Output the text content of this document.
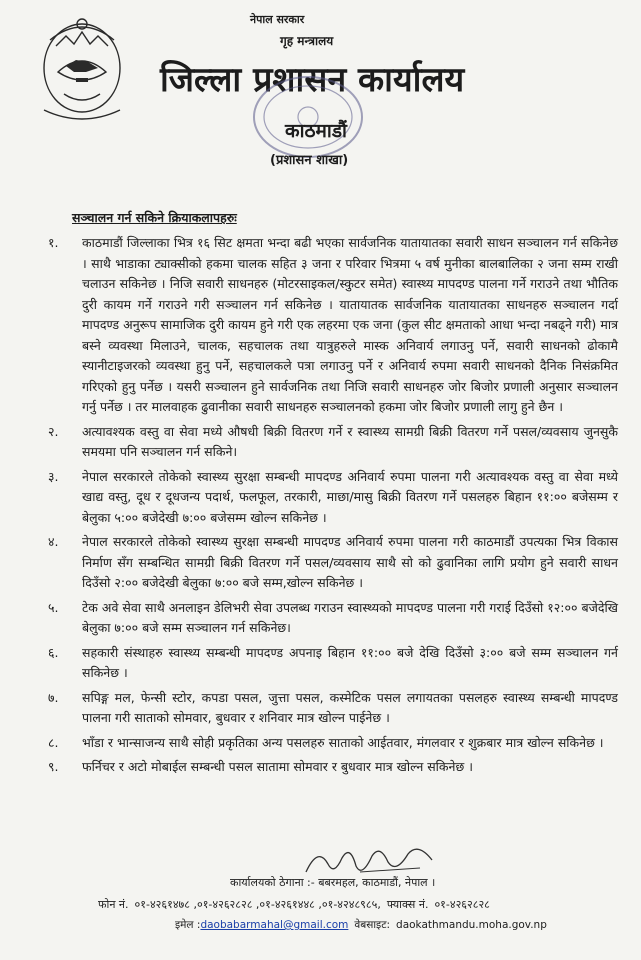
नेपाल सरकार
गृह मन्त्रालय
जिल्ला प्रशासन कार्यालय
काठमाडौं
(प्रशासन शाखा)
सञ्चालन गर्न सकिने क्रियाकलापहरुः
१.	काठमाडौं जिल्लाका भित्र १६ सिट क्षमता भन्दा बढी भएका सार्वजनिक यातायातका सवारी साधन सञ्चालन गर्न सकिनेछ । साथै भाडाका ट्याक्सीको हकमा चालक सहित ३ जना र परिवार भित्रमा ५ वर्ष मुनीका बालबालिका २ जना सम्म राखी चलाउन सकिनेछ । निजि सवारी साधनहरु (मोटरसाइकल/स्कुटर समेत) स्वास्थ्य मापदण्ड पालना गर्ने गराउने तथा भौतिक दुरी कायम गर्ने गराउने गरी सञ्चालन गर्न सकिनेछ । यातायातक सार्वजनिक यातायातका साधनहरु सञ्चालन गर्दा मापदण्ड अनुरूप सामाजिक दुरी कायम हुने गरी एक लहरमा एक जना (कुल सीट क्षमताको आधा भन्दा नबढ्ने गरी) मात्र बस्ने व्यवस्था मिलाउने, चालक, सहचालक तथा यात्रुहरुले मास्क अनिवार्य लगाउनु पर्ने, सवारी साधनको ढोकामै स्यानीटाइजरको व्यवस्था हुनु पर्ने, सहचालकले पत्रा लगाउनु पर्ने र अनिवार्य रुपमा सवारी साधनको दैनिक निसंक्रमित गरिएको हुनु पर्नेछ । यसरी सञ्चालन हुने सार्वजनिक तथा निजि सवारी साधनहरु जोर बिजोर प्रणाली अनुसार सञ्चालन गर्नु पर्नेछ । तर मालवाहक ढुवानीका सवारी साधनहरु सञ्चालनको हकमा जोर बिजोर प्रणाली लागु हुने छैन ।
२.	अत्यावश्यक वस्तु वा सेवा मध्ये औषधी बिक्री वितरण गर्ने र स्वास्थ्य सामग्री बिक्री वितरण गर्ने पसल/व्यवसाय जुनसुकै समयमा पनि सञ्चालन गर्न सकिने।
३.	नेपाल सरकारले तोकेको स्वास्थ्य सुरक्षा सम्बन्धी मापदण्ड अनिवार्य रुपमा पालना गरी अत्यावश्यक वस्तु वा सेवा मध्ये खाद्य वस्तु, दूध र दूधजन्य पदार्थ, फलफूल, तरकारी, माछा/मासु बिक्री वितरण गर्ने पसलहरु बिहान ११:०० बजेसम्म र बेलुका ५:०० बजेदेखी ७:०० बजेसम्म खोल्न सकिनेछ ।
४.	नेपाल सरकारले तोकेको स्वास्थ्य सुरक्षा सम्बन्धी मापदण्ड अनिवार्य रुपमा पालना गरी काठमाडौं उपत्यका भित्र विकास निर्माण सँग सम्बन्धित सामग्री बिक्री वितरण गर्ने पसल/व्यवसाय साथै सो को ढुवानिका लागि प्रयोग हुने सवारी साधन दिउँसो २:०० बजेदेखी बेलुका ७:०० बजे सम्म,खोल्न सकिनेछ ।
५.	टेक अवे सेवा साथै अनलाइन डेलिभरी सेवा उपलब्ध गराउन स्वास्थ्यको मापदण्ड पालना गरी गराई दिउँसो १२:०० बजेदेखि बेलुका ७:०० बजे सम्म सञ्चालन गर्न सकिनेछ।
६.	सहकारी संस्थाहरु स्वास्थ्य सम्बन्धी मापदण्ड अपनाइ बिहान ११:०० बजे देखि दिउँसो ३:०० बजे सम्म सञ्चालन गर्न सकिनेछ ।
७.	सपिङ्ग मल, फेन्सी स्टोर, कपडा पसल, जुत्ता पसल, कस्मेटिक पसल लगायतका पसलहरु स्वास्थ्य सम्बन्धी मापदण्ड पालना गरी साताको सोमवार, बुधवार र शनिवार मात्र खोल्न पाईनेछ ।
८.	भाँडा र भान्साजन्य साथै सोही प्रकृतिका अन्य पसलहरु साताको आईतवार, मंगलवार र शुक्रबार मात्र खोल्न सकिनेछ ।
९.	फर्निचर र अटो मोबाईल सम्बन्धी पसल सातामा सोमवार र बुधवार मात्र खोल्न सकिनेछ ।
कार्यालयको ठेगाना :- बबरमहल, काठमाडौं, नेपाल ।
फोन नं. ०१-४२६१४७८ ,०१-४२६२८२८ ,०१-४२६१४४८ ,०१-४२४८९८५, फ्याक्स नं. ०१-४२६२८२८
इमेल :daobabarmahal@gmail.com वेबसाइट: daokathmandu.moha.gov.np
